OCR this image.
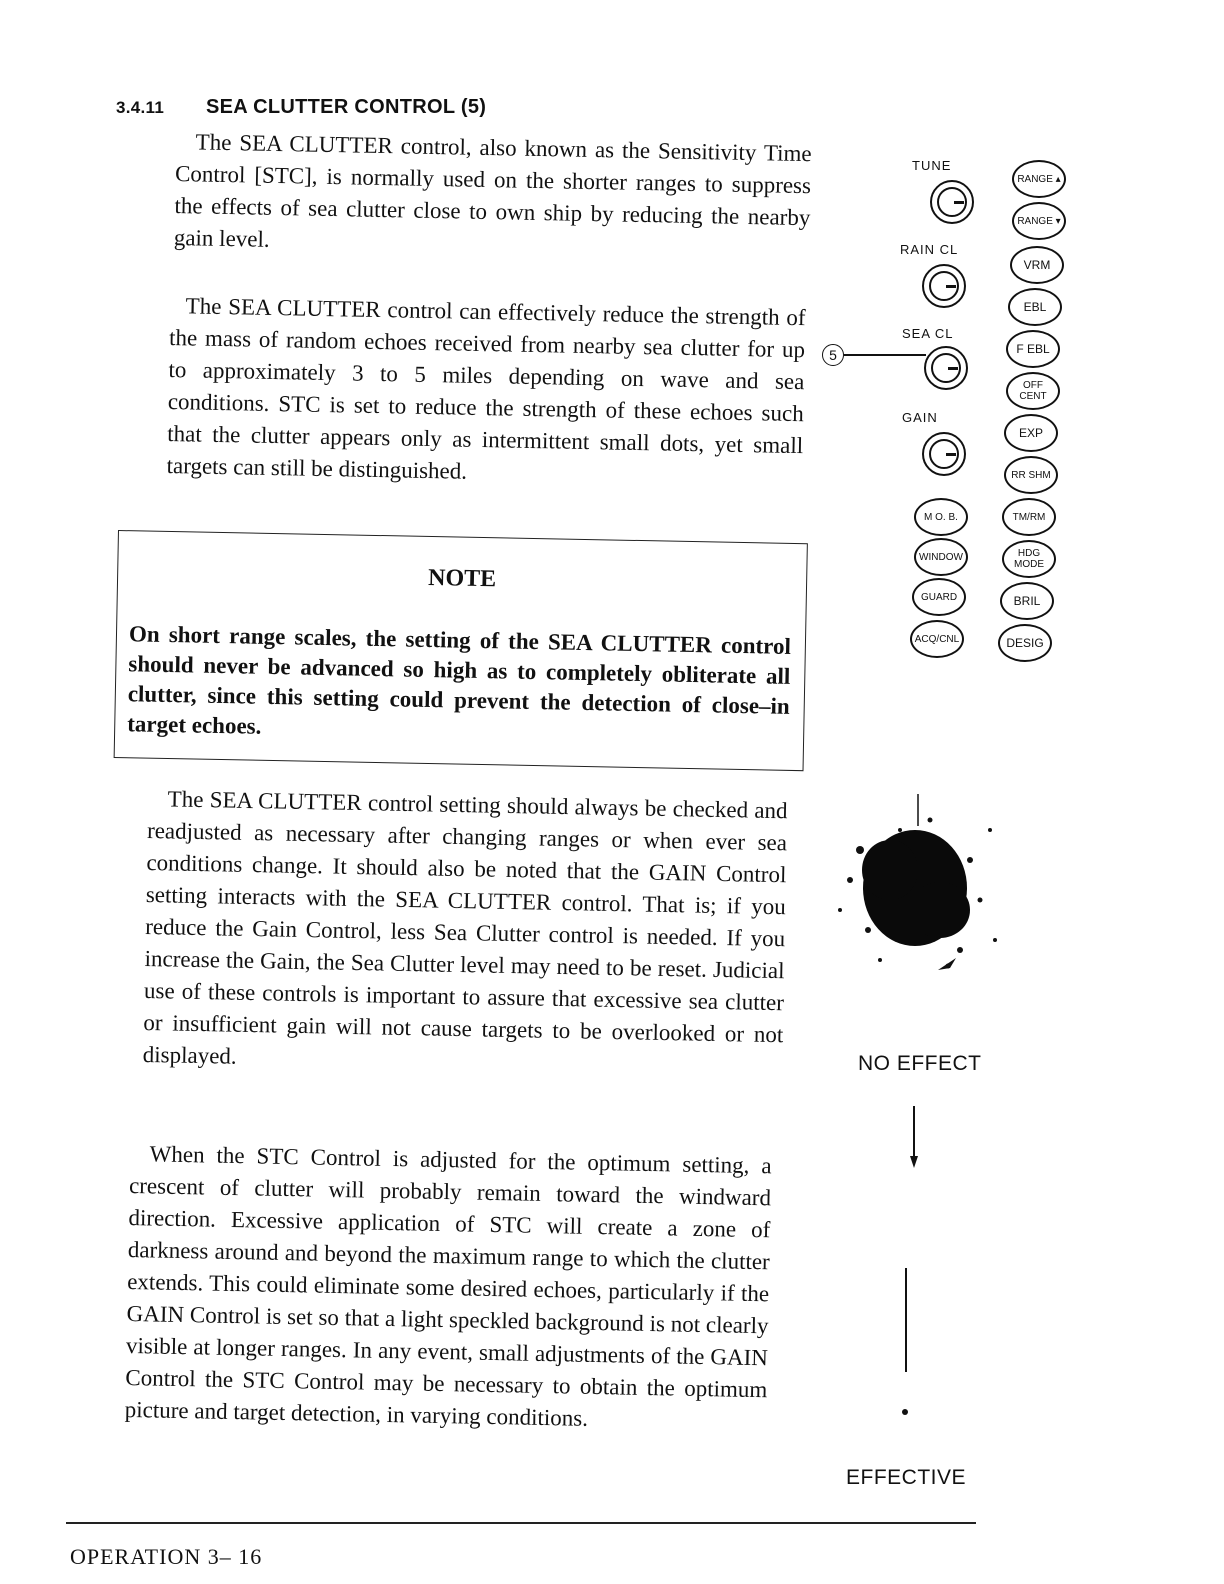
3.4.11 SEA CLUTTER CONTROL (5)

The SEA CLUTTER control, also known as the Sensitivity Time Control [STC], is normally used on the shorter ranges to suppress the effects of sea clutter close to own ship by reducing the nearby gain level.

The SEA CLUTTER control can effectively reduce the strength of the mass of random echoes received from nearby sea clutter for up to approximately 3 to 5 miles depending on wave and sea conditions. STC is set to reduce the strength of these echoes such that the clutter appears only as intermittent small dots, yet small targets can still be distinguished.

NOTE

On short range scales, the setting of the SEA CLUTTER control should never be advanced so high as to completely obliterate all clutter, since this setting could prevent the detection of close–in target echoes.

The SEA CLUTTER control setting should always be checked and readjusted as necessary after changing ranges or when ever sea conditions change. It should also be noted that the GAIN Control setting interacts with the SEA CLUTTER control. That is; if you reduce the Gain Control, less Sea Clutter control is needed. If you increase the Gain, the Sea Clutter level may need to be reset. Judicial use of these controls is important to assure that excessive sea clutter or insufficient gain will not cause targets to be overlooked or not displayed.

When the STC Control is adjusted for the optimum setting, a crescent of clutter will probably remain toward the windward direction. Excessive application of STC will create a zone of darkness around and beyond the maximum range to which the clutter extends. This could eliminate some desired echoes, particularly if the GAIN Control is set so that a light speckled background is not clearly visible at longer ranges. In any event, small adjustments of the GAIN Control the STC Control may be necessary to obtain the optimum picture and target detection, in varying conditions.

TUNE
RAIN CL
SEA CL
GAIN
5
M O. B.
WINDOW
GUARD
ACQ/CNL
RANGE ▴
RANGE ▾
VRM
EBL
F EBL
OFF CENT
EXP
RR SHM
TM/RM
HDG MODE
BRIL
DESIG
NO EFFECT
EFFECTIVE
OPERATION 3– 16
